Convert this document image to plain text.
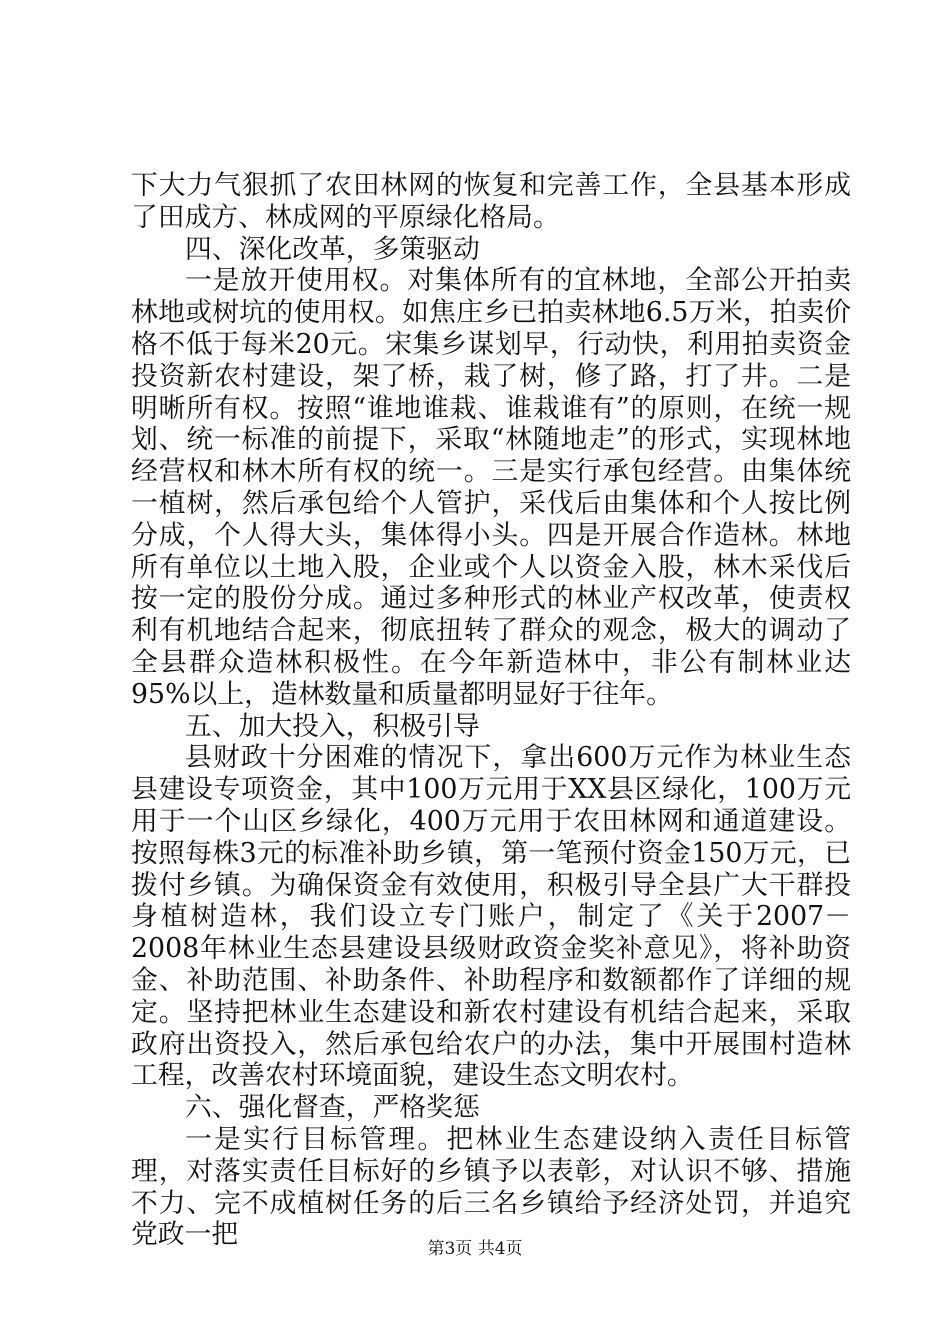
下大力气狠抓了农田林网的恢复和完善工作，全县基本形成了田成方、林成网的平原绿化格局。

四、深化改革，多策驱动

一是放开使用权。对集体所有的宜林地，全部公开拍卖林地或树坑的使用权。如焦庄乡已拍卖林地6.5万米，拍卖价格不低于每米20元。宋集乡谋划早，行动快，利用拍卖资金投资新农村建设，架了桥，栽了树，修了路，打了井。二是明晰所有权。按照“谁地谁栽、谁栽谁有”的原则，在统一规划、统一标准的前提下，采取“林随地走”的形式，实现林地经营权和林木所有权的统一。三是实行承包经营。由集体统一植树，然后承包给个人管护，采伐后由集体和个人按比例分成，个人得大头，集体得小头。四是开展合作造林。林地所有单位以土地入股，企业或个人以资金入股，林木采伐后按一定的股份分成。通过多种形式的林业产权改革，使责权利有机地结合起来，彻底扭转了群众的观念，极大的调动了全县群众造林积极性。在今年新造林中，非公有制林业达95%以上，造林数量和质量都明显好于往年。

五、加大投入，积极引导

县财政十分困难的情况下，拿出600万元作为林业生态县建设专项资金，其中100万元用于XX县区绿化，100万元用于一个山区乡绿化，400万元用于农田林网和通道建设。按照每株3元的标准补助乡镇，第一笔预付资金150万元，已拨付乡镇。为确保资金有效使用，积极引导全县广大干群投身植树造林，我们设立专门账户，制定了《关于2007－2008年林业生态县建设县级财政资金奖补意见》，将补助资金、补助范围、补助条件、补助程序和数额都作了详细的规定。坚持把林业生态建设和新农村建设有机结合起来，采取政府出资投入，然后承包给农户的办法，集中开展围村造林工程，改善农村环境面貌，建设生态文明农村。

六、强化督查，严格奖惩

一是实行目标管理。把林业生态建设纳入责任目标管理，对落实责任目标好的乡镇予以表彰，对认识不够、措施不力、完不成植树任务的后三名乡镇给予经济处罚，并追究党政一把	第3页 共4页
